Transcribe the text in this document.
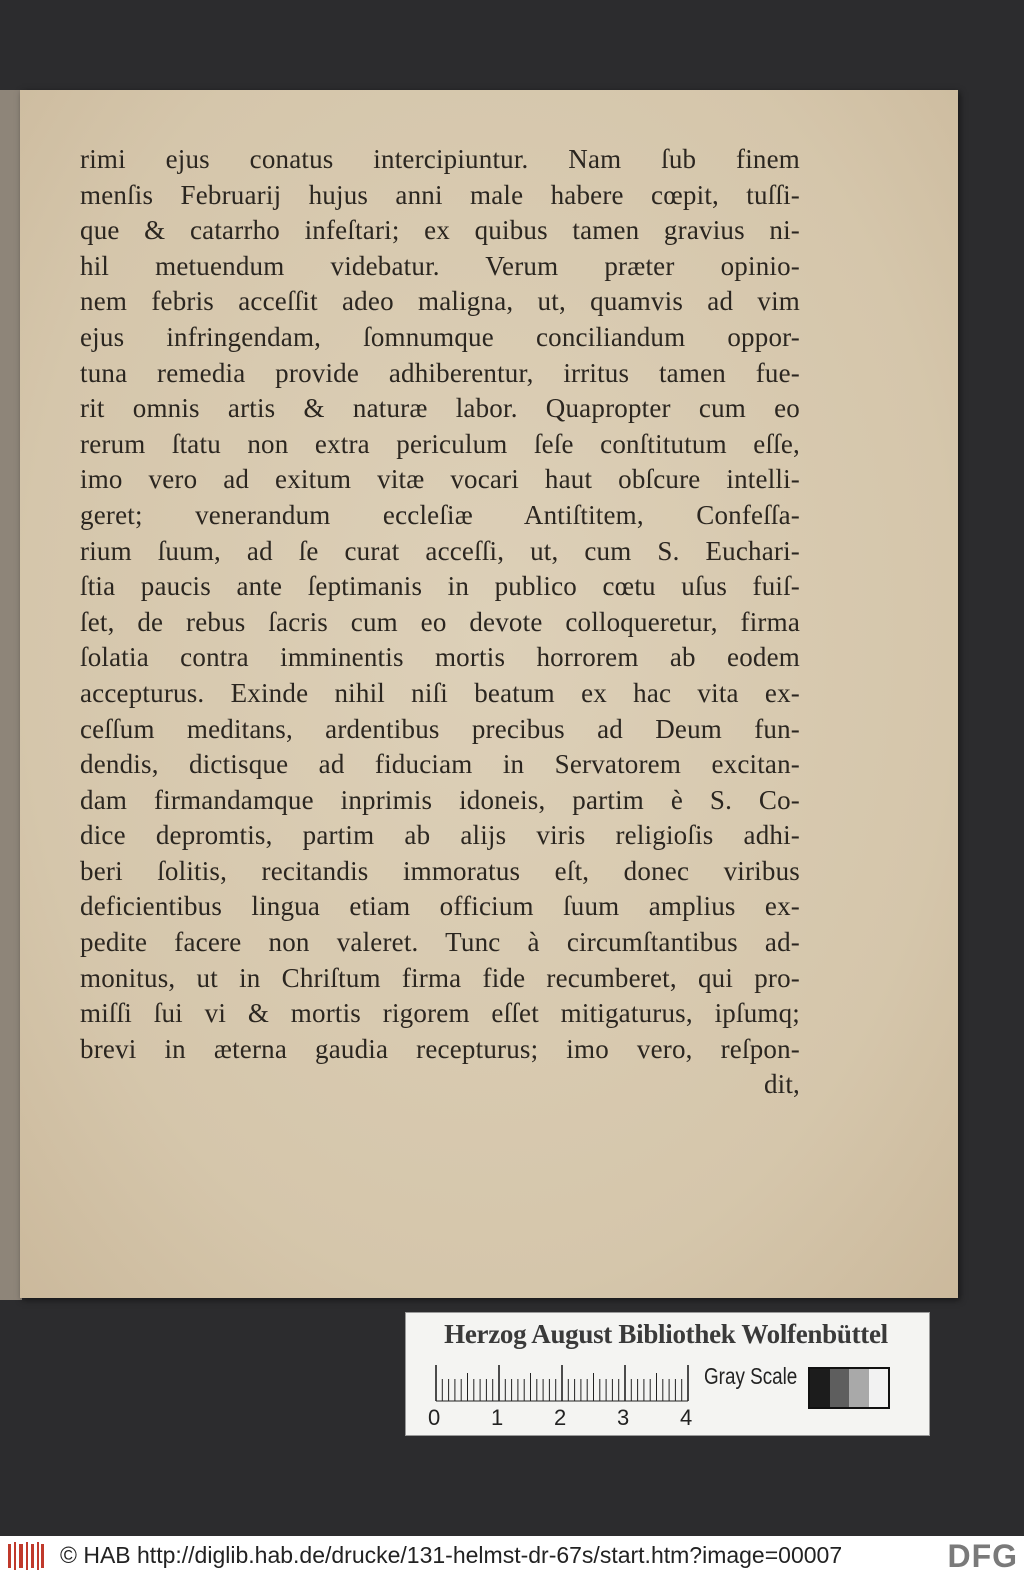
rimi ejus conatus intercipiuntur. Nam ſub finem
menſis Februarij hujus anni male habere cœpit, tuſſi-
que & catarrho infeſtari; ex quibus tamen gravius ni-
hil metuendum videbatur. Verum præter opinio-
nem febris acceſſit adeo maligna, ut, quamvis ad vim
ejus infringendam, ſomnumque conciliandum oppor-
tuna remedia provide adhiberentur, irritus tamen fue-
rit omnis artis & naturæ labor. Quapropter cum eo
rerum ſtatu non extra periculum ſeſe conſtitutum eſſe,
imo vero ad exitum vitæ vocari haut obſcure intelli-
geret; venerandum eccleſiæ Antiſtitem, Confeſſa-
rium ſuum, ad ſe curat acceſſi, ut, cum S. Euchari-
ſtia paucis ante ſeptimanis in publico cœtu uſus fuiſ-
ſet, de rebus ſacris cum eo devote colloqueretur, firma
ſolatia contra imminentis mortis horrorem ab eodem
accepturus. Exinde nihil niſi beatum ex hac vita ex-
ceſſum meditans, ardentibus precibus ad Deum fun-
dendis, dictisque ad fiduciam in Servatorem excitan-
dam firmandamque inprimis idoneis, partim è S. Co-
dice depromtis, partim ab alijs viris religioſis adhi-
beri ſolitis, recitandis immoratus eſt, donec viribus
deficientibus lingua etiam officium ſuum amplius ex-
pedite facere non valeret. Tunc à circumſtantibus ad-
monitus, ut in Chriſtum firma fide recumberet, qui pro-
miſſi ſui vi & mortis rigorem eſſet mitigaturus, ipſumq;
brevi in æterna gaudia recepturus; imo vero, reſpon-
dit,
Herzog August Bibliothek Wolfenbüttel
0 1 2 3 4
Gray Scale
© HAB http://diglib.hab.de/drucke/131-helmst-dr-67s/start.htm?image=00007	DFG
